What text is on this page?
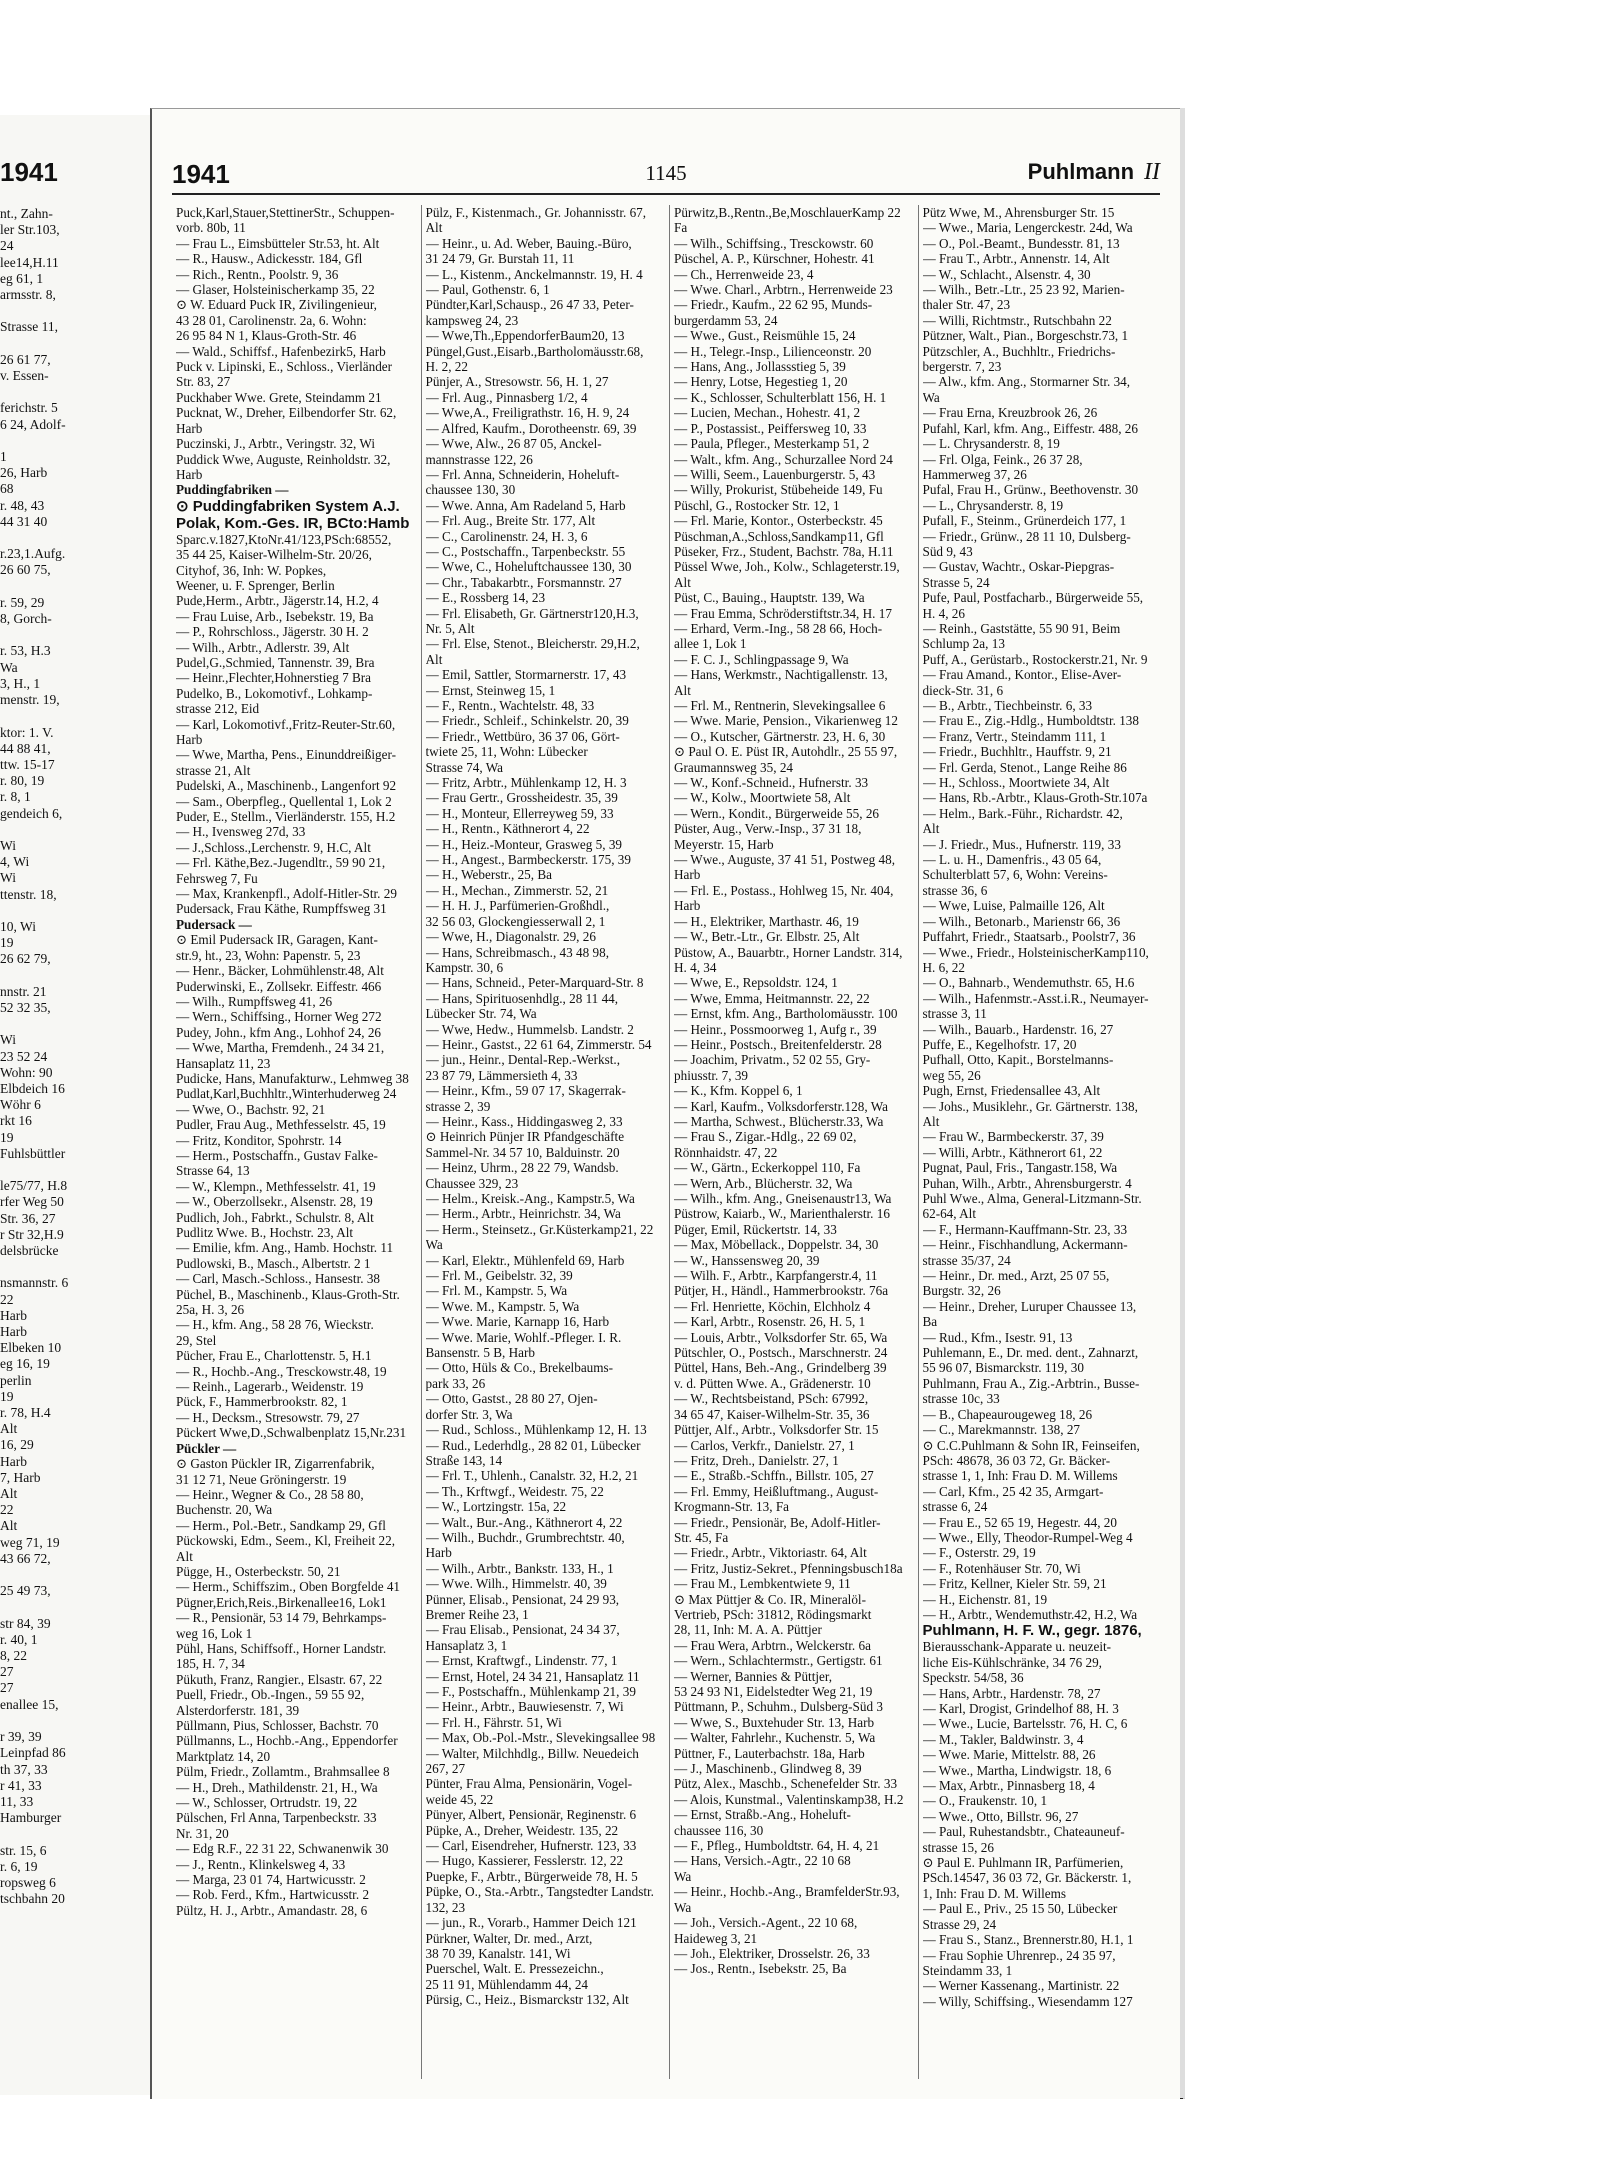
1941
nt., Zahn-
ler Str.103,
24
lee14,H.11
eg 61, 1
armsstr. 8,

Strasse 11,

26 61 77,
v. Essen-

ferichstr. 5
6 24, Adolf-

1
26, Harb
68
r. 48, 43
44 31 40

r.23,1.Aufg.
26 60 75,

r. 59, 29
8, Gorch-

r. 53, H.3
Wa
3, H., 1
menstr. 19,

ktor: 1. V.
44 88 41,
ttw. 15-17
r. 80, 19
r. 8, 1
gendeich 6,

Wi
4, Wi
Wi
ttenstr. 18,

10, Wi
19
26 62 79,

nnstr. 21
52 32 35,

Wi
23 52 24
Wohn: 90
Elbdeich 16
Wöhr 6
rkt 16
19
Fuhlsbüttler

le75/77, H.8
rfer Weg 50
Str. 36, 27
r Str 32,H.9
delsbrücke

nsmannstr. 6
22
Harb
Harb
Elbeken 10
eg 16, 19
perlin
19
r. 78, H.4
Alt
16, 29
Harb
7, Harb
Alt
22
Alt
weg 71, 19
43 66 72,

25 49 73,

str 84, 39
r. 40, 1
8, 22
27
27
enallee 15,

r 39, 39
Leinpfad 86
th 37, 33
r 41, 33
11, 33
Hamburger

str. 15, 6
r. 6, 19
ropsweg 6
tschbahn 20
1941	1145	Puhlmann II
Puck,Karl,Stauer,StettinerStr., Schuppen-
vorb. 80b, 11
— Frau L., Eimsbütteler Str.53, ht. Alt
— R., Hausw., Adickesstr. 184, Gfl
— Rich., Rentn., Poolstr. 9, 36
— Glaser, Holsteinischerkamp 35, 22
⊙ W. Eduard Puck IR, Zivilingenieur,
43 28 01, Carolinenstr. 2a, 6. Wohn:
26 95 84 N 1, Klaus-Groth-Str. 46
— Wald., Schiffsf., Hafenbezirk5, Harb
Puck v. Lipinski, E., Schloss., Vierländer
Str. 83, 27
Puckhaber Wwe. Grete, Steindamm 21
Pucknat, W., Dreher, Eilbendorfer Str. 62,
Harb
Puczinski, J., Arbtr., Veringstr. 32, Wi
Puddick Wwe, Auguste, Reinholdstr. 32,
Harb
Puddingfabriken —
⊙ Puddingfabriken System A.J.
Polak, Kom.-Ges. IR, BCto:Hamb
Sparc.v.1827,KtoNr.41/123,PSch:68552,
35 44 25, Kaiser-Wilhelm-Str. 20/26,
Cityhof, 36, Inh: W. Popkes,
Weener, u. F. Sprenger, Berlin
Pude,Herm., Arbtr., Jägerstr.14, H.2, 4
— Frau Luise, Arb., Isebekstr. 19, Ba
— P., Rohrschloss., Jägerstr. 30 H. 2
— Wilh., Arbtr., Adlerstr. 39, Alt
Pudel,G.,Schmied, Tannenstr. 39, Bra
— Heinr.,Flechter,Hohnerstieg 7 Bra
Pudelko, B., Lokomotivf., Lohkamp-
strasse 212, Eid
— Karl, Lokomotivf.,Fritz-Reuter-Str.60,
Harb
— Wwe, Martha, Pens., Einunddreißiger-
strasse 21, Alt
Pudelski, A., Maschinenb., Langenfort 92
— Sam., Oberpfleg., Quellental 1, Lok 2
Puder, E., Stellm., Vierländerstr. 155, H.2
— H., Ivensweg 27d, 33
— J.,Schloss.,Lerchenstr. 9, H.C, Alt
— Frl. Käthe,Bez.-Jugendltr., 59 90 21,
Fehrsweg 7, Fu
— Max, Krankenpfl., Adolf-Hitler-Str. 29
Pudersack, Frau Käthe, Rumpffsweg 31
Pudersack —
⊙ Emil Pudersack IR, Garagen, Kant-
str.9, ht., 23, Wohn: Papenstr. 5, 23
— Henr., Bäcker, Lohmühlenstr.48, Alt
Puderwinski, E., Zollsekr. Eiffestr. 466
— Wilh., Rumpffsweg 41, 26
— Wern., Schiffsing., Horner Weg 272
Pudey, John., kfm Ang., Lohhof 24, 26
— Wwe, Martha, Fremdenh., 24 34 21,
Hansaplatz 11, 23
Pudicke, Hans, Manufakturw., Lehmweg 38
Pudlat,Karl,Buchhltr.,Winterhuderweg 24
— Wwe, O., Bachstr. 92, 21
Pudler, Frau Aug., Methfesselstr. 45, 19
— Fritz, Konditor, Spohrstr. 14
— Herm., Postschaffn., Gustav Falke-
Strasse 64, 13
— W., Klempn., Methfesselstr. 41, 19
— W., Oberzollsekr., Alsenstr. 28, 19
Pudlich, Joh., Fabrkt., Schulstr. 8, Alt
Pudlitz Wwe. B., Hochstr. 23, Alt
— Emilie, kfm. Ang., Hamb. Hochstr. 11
Pudlowski, B., Masch., Albertstr. 2 1
— Carl, Masch.-Schloss., Hansestr. 38
Püchel, B., Maschinenb., Klaus-Groth-Str.
25a, H. 3, 26
— H., kfm. Ang., 58 28 76, Wieckstr.
29, Stel
Pücher, Frau E., Charlottenstr. 5, H.1
— R., Hochb.-Ang., Tresckowstr.48, 19
— Reinh., Lagerarb., Weidenstr. 19
Pück, F., Hammerbrookstr. 82, 1
— H., Decksm., Stresowstr. 79, 27
Pückert Wwe,D.,Schwalbenplatz 15,Nr.231
Pückler —
⊙ Gaston Pückler IR, Zigarrenfabrik,
31 12 71, Neue Gröningerstr. 19
— Heinr., Wegner & Co., 28 58 80,
Buchenstr. 20, Wa
— Herm., Pol.-Betr., Sandkamp 29, Gfl
Pückowski, Edm., Seem., Kl, Freiheit 22,
Alt
Pügge, H., Osterbeckstr. 50, 21
— Herm., Schiffszim., Oben Borgfelde 41
Pügner,Erich,Reis.,Birkenallee16, Lok1
— R., Pensionär, 53 14 79, Behrkamps-
weg 16, Lok 1
Pühl, Hans, Schiffsoff., Horner Landstr.
185, H. 7, 34
Pükuth, Franz, Rangier., Elsastr. 67, 22
Puell, Friedr., Ob.-Ingen., 59 55 92,
Alsterdorferstr. 181, 39
Püllmann, Pius, Schlosser, Bachstr. 70
Püllmanns, L., Hochb.-Ang., Eppendorfer
Marktplatz 14, 20
Pülm, Friedr., Zollamtm., Brahmsallee 8
— H., Dreh., Mathildenstr. 21, H., Wa
— W., Schlosser, Ortrudstr. 19, 22
Pülschen, Frl Anna, Tarpenbeckstr. 33
Nr. 31, 20
— Edg R.F., 22 31 22, Schwanenwik 30
— J., Rentn., Klinkelsweg 4, 33
— Marga, 23 01 74, Hartwicusstr. 2
— Rob. Ferd., Kfm., Hartwicusstr. 2
Pültz, H. J., Arbtr., Amandastr. 28, 6
Pülz, F., Kistenmach., Gr. Johannisstr. 67,
Alt
— Heinr., u. Ad. Weber, Bauing.-Büro,
31 24 79, Gr. Burstah 11, 11
— L., Kistenm., Anckelmannstr. 19, H. 4
— Paul, Gothenstr. 6, 1
Pündter,Karl,Schausp., 26 47 33, Peter-
kampsweg 24, 23
— Wwe,Th.,EppendorferBaum20, 13
Püngel,Gust.,Eisarb.,Bartholomäusstr.68,
H. 2, 22
Pünjer, A., Stresowstr. 56, H. 1, 27
— Frl. Aug., Pinnasberg 1/2, 4
— Wwe,A., Freiligrathstr. 16, H. 9, 24
— Alfred, Kaufm., Dorotheenstr. 69, 39
— Wwe, Alw., 26 87 05, Anckel-
mannstrasse 122, 26
— Frl. Anna, Schneiderin, Hoheluft-
chaussee 130, 30
— Wwe. Anna, Am Radeland 5, Harb
— Frl. Aug., Breite Str. 177, Alt
— C., Carolinenstr. 24, H. 3, 6
— C., Postschaffn., Tarpenbeckstr. 55
— Wwe, C., Hoheluftchaussee 130, 30
— Chr., Tabakarbtr., Forsmannstr. 27
— E., Rossberg 14, 23
— Frl. Elisabeth, Gr. Gärtnerstr120,H.3,
Nr. 5, Alt
— Frl. Else, Stenot., Bleicherstr. 29,H.2,
Alt
— Emil, Sattler, Stormarnerstr. 17, 43
— Ernst, Steinweg 15, 1
— F., Rentn., Wachtelstr. 48, 33
— Friedr., Schleif., Schinkelstr. 20, 39
— Friedr., Wettbüro, 36 37 06, Gört-
twiete 25, 11, Wohn: Lübecker
Strasse 74, Wa
— Fritz, Arbtr., Mühlenkamp 12, H. 3
— Frau Gertr., Grossheidestr. 35, 39
— H., Monteur, Ellerreyweg 59, 33
— H., Rentn., Käthnerort 4, 22
— H., Heiz.-Monteur, Grasweg 5, 39
— H., Angest., Barmbeckerstr. 175, 39
— H., Weberstr., 25, Ba
— H., Mechan., Zimmerstr. 52, 21
— H. H. J., Parfümerien-Großhdl.,
32 56 03, Glockengiesserwall 2, 1
— Wwe, H., Diagonalstr. 29, 26
— Hans, Schreibmasch., 43 48 98,
Kampstr. 30, 6
— Hans, Schneid., Peter-Marquard-Str. 8
— Hans, Spirituosenhdlg., 28 11 44,
Lübecker Str. 74, Wa
— Wwe, Hedw., Hummelsb. Landstr. 2
— Heinr., Gastst., 22 61 64, Zimmerstr. 54
— jun., Heinr., Dental-Rep.-Werkst.,
23 87 79, Lämmersieth 4, 33
— Heinr., Kfm., 59 07 17, Skagerrak-
strasse 2, 39
— Heinr., Kass., Hiddingasweg 2, 33
⊙ Heinrich Pünjer IR Pfandgeschäfte
Sammel-Nr. 34 57 10, Balduinstr. 20
— Heinz, Uhrm., 28 22 79, Wandsb.
Chaussee 329, 23
— Helm., Kreisk.-Ang., Kampstr.5, Wa
— Herm., Arbtr., Heinrichstr. 34, Wa
— Herm., Steinsetz., Gr.Küsterkamp21, 22
Wa
— Karl, Elektr., Mühlenfeld 69, Harb
— Frl. M., Geibelstr. 32, 39
— Frl. M., Kampstr. 5, Wa
— Wwe. M., Kampstr. 5, Wa
— Wwe. Marie, Karnapp 16, Harb
— Wwe. Marie, Wohlf.-Pfleger. I. R.
Bansenstr. 5 B, Harb
— Otto, Hüls & Co., Brekelbaums-
park 33, 26
— Otto, Gastst., 28 80 27, Ojen-
dorfer Str. 3, Wa
— Rud., Schloss., Mühlenkamp 12, H. 13
— Rud., Lederhdlg., 28 82 01, Lübecker
Straße 143, 14
— Frl. T., Uhlenh., Canalstr. 32, H.2, 21
— Th., Krftwgf., Weidestr. 75, 22
— W., Lortzingstr. 15a, 22
— Walt., Bur.-Ang., Käthnerort 4, 22
— Wilh., Buchdr., Grumbrechtstr. 40,
Harb
— Wilh., Arbtr., Bankstr. 133, H., 1
— Wwe. Wilh., Himmelstr. 40, 39
Pünner, Elisab., Pensionat, 24 29 93,
Bremer Reihe 23, 1
— Frau Elisab., Pensionat, 24 34 37,
Hansaplatz 3, 1
— Ernst, Kraftwgf., Lindenstr. 77, 1
— Ernst, Hotel, 24 34 21, Hansaplatz 11
— F., Postschaffn., Mühlenkamp 21, 39
— Heinr., Arbtr., Bauwiesenstr. 7, Wi
— Frl. H., Fährstr. 51, Wi
— Max, Ob.-Pol.-Mstr., Slevekingsallee 98
— Walter, Milchhdlg., Billw. Neuedeich
267, 27
Pünter, Frau Alma, Pensionärin, Vogel-
weide 45, 22
Pünyer, Albert, Pensionär, Reginenstr. 6
Püpke, A., Dreher, Weidestr. 135, 22
— Carl, Eisendreher, Hufnerstr. 123, 33
— Hugo, Kassierer, Fesslerstr. 12, 22
Puepke, F., Arbtr., Bürgerweide 78, H. 5
Püpke, O., Sta.-Arbtr., Tangstedter Landstr.
132, 23
— jun., R., Vorarb., Hammer Deich 121
Pürkner, Walter, Dr. med., Arzt,
38 70 39, Kanalstr. 141, Wi
Puerschel, Walt. E. Pressezeichn.,
25 11 91, Mühlendamm 44, 24
Pürsig, C., Heiz., Bismarckstr 132, Alt
Pürwitz,B.,Rentn.,Be,MoschlauerKamp 22
Fa
— Wilh., Schiffsing., Tresckowstr. 60
Püschel, A. P., Kürschner, Hohestr. 41
— Ch., Herrenweide 23, 4
— Wwe. Charl., Arbtrn., Herrenweide 23
— Friedr., Kaufm., 22 62 95, Munds-
burgerdamm 53, 24
— Wwe., Gust., Reismühle 15, 24
— H., Telegr.-Insp., Lilienceonstr. 20
— Hans, Ang., Jollassstieg 5, 39
— Henry, Lotse, Hegestieg 1, 20
— K., Schlosser, Schulterblatt 156, H. 1
— Lucien, Mechan., Hohestr. 41, 2
— P., Postassist., Peiffersweg 10, 33
— Paula, Pfleger., Mesterkamp 51, 2
— Walt., kfm. Ang., Schurzallee Nord 24
— Willi, Seem., Lauenburgerstr. 5, 43
— Willy, Prokurist, Stübeheide 149, Fu
Püschl, G., Rostocker Str. 12, 1
— Frl. Marie, Kontor., Osterbeckstr. 45
Püschman,A.,Schloss,Sandkamp11, Gfl
Püseker, Frz., Student, Bachstr. 78a, H.11
Püssel Wwe, Joh., Kolw., Schlageterstr.19,
Alt
Püst, C., Bauing., Hauptstr. 139, Wa
— Frau Emma, Schröderstiftstr.34, H. 17
— Erhard, Verm.-Ing., 58 28 66, Hoch-
allee 1, Lok 1
— F. C. J., Schlingpassage 9, Wa
— Hans, Werkmstr., Nachtigallenstr. 13,
Alt
— Frl. M., Rentnerin, Slevekingsallee 6
— Wwe. Marie, Pension., Vikarienweg 12
— O., Kutscher, Gärtnerstr. 23, H. 6, 30
⊙ Paul O. E. Püst IR, Autohdlr., 25 55 97,
Graumannsweg 35, 24
— W., Konf.-Schneid., Hufnerstr. 33
— W., Kolw., Moortwiete 58, Alt
— Wern., Kondit., Bürgerweide 55, 26
Püster, Aug., Verw.-Insp., 37 31 18,
Meyerstr. 15, Harb
— Wwe., Auguste, 37 41 51, Postweg 48,
Harb
— Frl. E., Postass., Hohlweg 15, Nr. 404,
Harb
— H., Elektriker, Marthastr. 46, 19
— W., Betr.-Ltr., Gr. Elbstr. 25, Alt
Püstow, A., Bauarbtr., Horner Landstr. 314,
H. 4, 34
— Wwe, E., Repsoldstr. 124, 1
— Wwe, Emma, Heitmannstr. 22, 22
— Ernst, kfm. Ang., Bartholomäusstr. 100
— Heinr., Possmoorweg 1, Aufg r., 39
— Heinr., Postsch., Breitenfelderstr. 28
— Joachim, Privatm., 52 02 55, Gry-
phiusstr. 7, 39
— K., Kfm. Koppel 6, 1
— Karl, Kaufm., Volksdorferstr.128, Wa
— Martha, Schwest., Blücherstr.33, Wa
— Frau S., Zigar.-Hdlg., 22 69 02,
Rönnhaidstr. 47, 22
— W., Gärtn., Eckerkoppel 110, Fa
— Wern, Arb., Blücherstr. 32, Wa
— Wilh., kfm. Ang., Gneisenaustr13, Wa
Püstrow, Kaiarb., W., Marienthalerstr. 16
Püger, Emil, Rückertstr. 14, 33
— Max, Möbellack., Doppelstr. 34, 30
— W., Hanssensweg 20, 39
— Wilh. F., Arbtr., Karpfangerstr.4, 11
Pütjer, H., Händl., Hammerbrookstr. 76a
— Frl. Henriette, Köchin, Elchholz 4
— Karl, Arbtr., Rosenstr. 26, H. 5, 1
— Louis, Arbtr., Volksdorfer Str. 65, Wa
Pütschler, O., Postsch., Marschnerstr. 24
Püttel, Hans, Beh.-Ang., Grindelberg 39
v. d. Pütten Wwe. A., Grädenerstr. 10
— W., Rechtsbeistand, PSch: 67992,
34 65 47, Kaiser-Wilhelm-Str. 35, 36
Püttjer, Alf., Arbtr., Volksdorfer Str. 15
— Carlos, Verkfr., Danielstr. 27, 1
— Fritz, Dreh., Danielstr. 27, 1
— E., Straßb.-Schffn., Billstr. 105, 27
— Frl. Emmy, Heißluftmang., August-
Krogmann-Str. 13, Fa
— Friedr., Pensionär, Be, Adolf-Hitler-
Str. 45, Fa
— Friedr., Arbtr., Viktoriastr. 64, Alt
— Fritz, Justiz-Sekret., Pfenningsbusch18a
— Frau M., Lembkentwiete 9, 11
⊙ Max Püttjer & Co. IR, Mineralöl-
Vertrieb, PSch: 31812, Rödingsmarkt
28, 11, Inh: M. A. A. Püttjer
— Frau Wera, Arbtrn., Welckerstr. 6a
— Wern., Schlachtermstr., Gertigstr. 61
— Werner, Bannies & Püttjer,
53 24 93 N1, Eidelstedter Weg 21, 19
Püttmann, P., Schuhm., Dulsberg-Süd 3
— Wwe, S., Buxtehuder Str. 13, Harb
— Walter, Fahrlehr., Kuchenstr. 5, Wa
Püttner, F., Lauterbachstr. 18a, Harb
— J., Maschinenb., Glindweg 8, 39
Pütz, Alex., Maschb., Schenefelder Str. 33
— Alois, Kunstmal., Valentinskamp38, H.2
— Ernst, Straßb.-Ang., Hoheluft-
chaussee 116, 30
— F., Pfleg., Humboldtstr. 64, H. 4, 21
— Hans, Versich.-Agtr., 22 10 68
Wa
— Heinr., Hochb.-Ang., BramfelderStr.93,
Wa
— Joh., Versich.-Agent., 22 10 68,
Haideweg 3, 21
— Joh., Elektriker, Drosselstr. 26, 33
— Jos., Rentn., Isebekstr. 25, Ba
Pütz Wwe, M., Ahrensburger Str. 15
— Wwe., Maria, Lengerckestr. 24d, Wa
— O., Pol.-Beamt., Bundesstr. 81, 13
— Frau T., Arbtr., Annenstr. 14, Alt
— W., Schlacht., Alsenstr. 4, 30
— Wilh., Betr.-Ltr., 25 23 92, Marien-
thaler Str. 47, 23
— Willi, Richtmstr., Rutschbahn 22
Pützner, Walt., Pian., Borgeschstr.73, 1
Pützschler, A., Buchhltr., Friedrichs-
bergerstr. 7, 23
— Alw., kfm. Ang., Stormarner Str. 34,
Wa
— Frau Erna, Kreuzbrook 26, 26
Pufahl, Karl, kfm. Ang., Eiffestr. 488, 26
— L. Chrysanderstr. 8, 19
— Frl. Olga, Feink., 26 37 28,
Hammerweg 37, 26
Pufal, Frau H., Grünw., Beethovenstr. 30
— L., Chrysanderstr. 8, 19
Pufall, F., Steinm., Grünerdeich 177, 1
— Friedr., Grünw., 28 11 10, Dulsberg-
Süd 9, 43
— Gustav, Wachtr., Oskar-Piepgras-
Strasse 5, 24
Pufe, Paul, Postfacharb., Bürgerweide 55,
H. 4, 26
— Reinh., Gaststätte, 55 90 91, Beim
Schlump 2a, 13
Puff, A., Gerüstarb., Rostockerstr.21, Nr. 9
— Frau Amand., Kontor., Elise-Aver-
dieck-Str. 31, 6
— B., Arbtr., Tiechbeinstr. 6, 33
— Frau E., Zig.-Hdlg., Humboldtstr. 138
— Franz, Vertr., Steindamm 111, 1
— Friedr., Buchhltr., Hauffstr. 9, 21
— Frl. Gerda, Stenot., Lange Reihe 86
— H., Schloss., Moortwiete 34, Alt
— Hans, Rb.-Arbtr., Klaus-Groth-Str.107a
— Helm., Bark.-Führ., Richardstr. 42,
Alt
— J. Friedr., Mus., Hufnerstr. 119, 33
— L. u. H., Damenfris., 43 05 64,
Schulterblatt 57, 6, Wohn: Vereins-
strasse 36, 6
— Wwe, Luise, Palmaille 126, Alt
— Wilh., Betonarb., Marienstr 66, 36
Puffahrt, Friedr., Staatsarb., Poolstr7, 36
— Wwe., Friedr., HolsteinischerKamp110,
H. 6, 22
— O., Bahnarb., Wendemuthstr. 65, H.6
— Wilh., Hafenmstr.-Asst.i.R., Neumayer-
strasse 3, 11
— Wilh., Bauarb., Hardenstr. 16, 27
Puffe, E., Kegelhofstr. 17, 20
Pufhall, Otto, Kapit., Borstelmanns-
weg 55, 26
Pugh, Ernst, Friedensallee 43, Alt
— Johs., Musiklehr., Gr. Gärtnerstr. 138,
Alt
— Frau W., Barmbeckerstr. 37, 39
— Willi, Arbtr., Käthnerort 61, 22
Pugnat, Paul, Fris., Tangastr.158, Wa
Puhan, Wilh., Arbtr., Ahrensburgerstr. 4
Puhl Wwe., Alma, General-Litzmann-Str.
62-64, Alt
— F., Hermann-Kauffmann-Str. 23, 33
— Heinr., Fischhandlung, Ackermann-
strasse 35/37, 24
— Heinr., Dr. med., Arzt, 25 07 55,
Burgstr. 32, 26
— Heinr., Dreher, Luruper Chaussee 13,
Ba
— Rud., Kfm., Isestr. 91, 13
Puhlemann, E., Dr. med. dent., Zahnarzt,
55 96 07, Bismarckstr. 119, 30
Puhlmann, Frau A., Zig.-Arbtrin., Busse-
strasse 10c, 33
— B., Chapeaurougeweg 18, 26
— C., Marekmannstr. 138, 27
⊙ C.C.Puhlmann & Sohn IR, Feinseifen,
PSch: 48678, 36 03 72, Gr. Bäcker-
strasse 1, 1, Inh: Frau D. M. Willems
— Carl, Kfm., 25 42 35, Armgart-
strasse 6, 24
— Frau E., 52 65 19, Hegestr. 44, 20
— Wwe., Elly, Theodor-Rumpel-Weg 4
— F., Osterstr. 29, 19
— F., Rotenhäuser Str. 70, Wi
— Fritz, Kellner, Kieler Str. 59, 21
— H., Eichenstr. 81, 19
— H., Arbtr., Wendemuthstr.42, H.2, Wa
Puhlmann, H. F. W., gegr. 1876,
Bierausschank-Apparate u. neuzeit-
liche Eis-Kühlschränke, 34 76 29,
Speckstr. 54/58, 36
— Hans, Arbtr., Hardenstr. 78, 27
— Karl, Drogist, Grindelhof 88, H. 3
— Wwe., Lucie, Bartelsstr. 76, H. C, 6
— M., Takler, Baldwinstr. 3, 4
— Wwe. Marie, Mittelstr. 88, 26
— Wwe., Martha, Lindwigstr. 18, 6
— Max, Arbtr., Pinnasberg 18, 4
— O., Fraukenstr. 10, 1
— Wwe., Otto, Billstr. 96, 27
— Paul, Ruhestandsbtr., Chateauneuf-
strasse 15, 26
⊙ Paul E. Puhlmann IR, Parfümerien,
PSch.14547, 36 03 72, Gr. Bäckerstr. 1,
1, Inh: Frau D. M. Willems
— Paul E., Priv., 25 15 50, Lübecker
Strasse 29, 24
— Frau S., Stanz., Brennerstr.80, H.1, 1
— Frau Sophie Uhrenrep., 24 35 97,
Steindamm 33, 1
— Werner Kassenang., Martinistr. 22
— Willy, Schiffsing., Wiesendamm 127
